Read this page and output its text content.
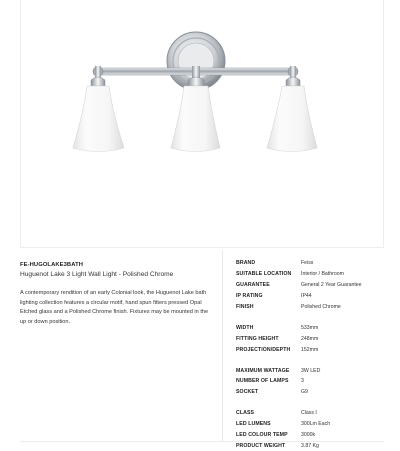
FE-HUGOLAKE3BATH
Huguenot Lake 3 Light Wall Light - Polished Chrome
A contemporary rendition of an early Colonial look, the Huguenot Lake bath lighting collection features a circular motif, hand spun fitters pressed Opal Etched glass and a Polished Chrome finish. Fixtures may be mounted in the up or down position.
BRAND	Feiss
SUITABLE LOCATION	Interior / Bathroom
GUARANTEE	General 2 Year Guarantee
IP RATING	IP44
FINISH	Polished Chrome
WIDTH	533mm
FITTING HEIGHT	248mm
PROJECTION/DEPTH	152mm
MAXIMUM WATTAGE	3W LED
NUMBER OF LAMPS	3
SOCKET	G9
CLASS	Class I
LED LUMENS	300Lm Each
LED COLOUR TEMP	3000k
PRODUCT WEIGHT	3.87 Kg
